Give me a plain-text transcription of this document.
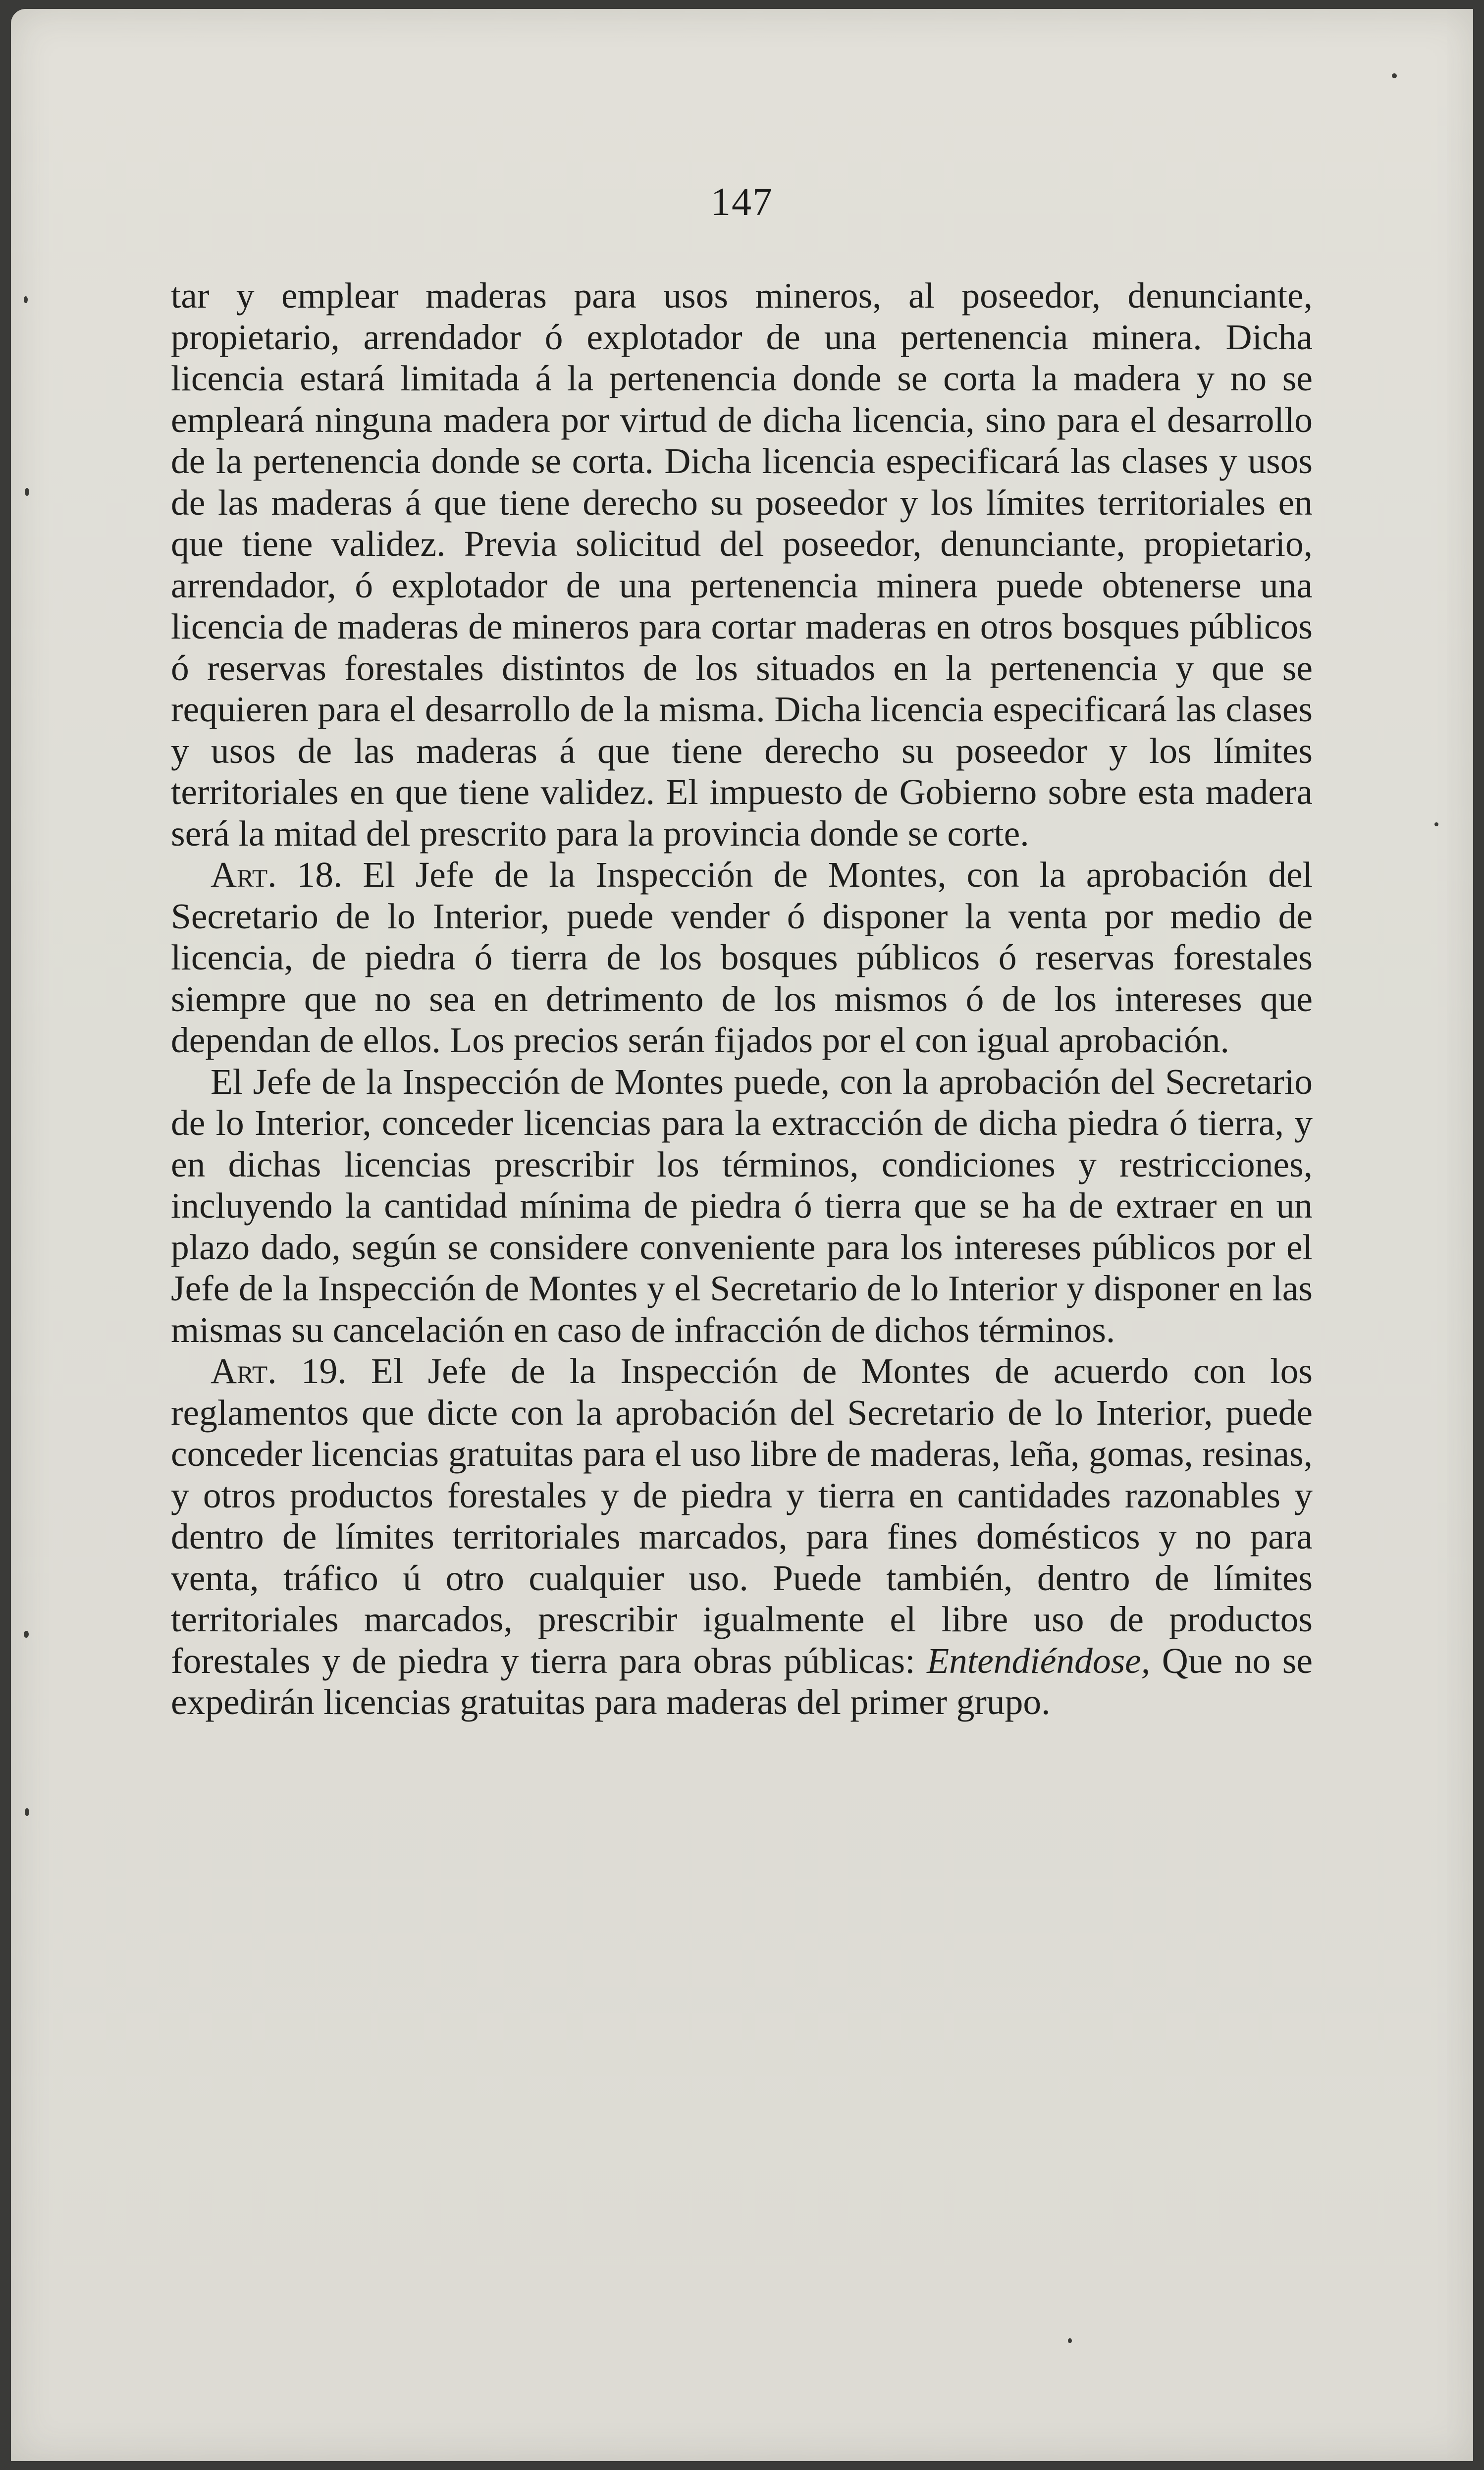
147

tar y emplear maderas para usos mineros, al poseedor, denunciante, propietario, arrendador ó explotador de una pertenencia minera. Dicha licencia estará limitada á la pertenencia donde se corta la madera y no se empleará ninguna madera por virtud de dicha licencia, sino para el desarrollo de la pertenencia donde se corta. Dicha licencia especificará las clases y usos de las maderas á que tiene derecho su poseedor y los límites territoriales en que tiene validez. Previa solicitud del poseedor, denunciante, propietario, arrendador, ó explotador de una pertenencia minera puede obtenerse una licencia de maderas de mineros para cortar maderas en otros bosques públicos ó reservas forestales distintos de los situados en la pertenencia y que se requieren para el desarrollo de la misma. Dicha licencia especificará las clases y usos de las maderas á que tiene derecho su poseedor y los límites territoriales en que tiene validez. El impuesto de Gobierno sobre esta madera será la mitad del prescrito para la provincia donde se corte.

Art. 18. El Jefe de la Inspección de Montes, con la aprobación del Secretario de lo Interior, puede vender ó disponer la venta por medio de licencia, de piedra ó tierra de los bosques públicos ó reservas forestales siempre que no sea en detrimento de los mismos ó de los intereses que dependan de ellos. Los precios serán fijados por el con igual aprobación.

El Jefe de la Inspección de Montes puede, con la aprobación del Secretario de lo Interior, conceder licencias para la extracción de dicha piedra ó tierra, y en dichas licencias prescribir los términos, condiciones y restricciones, incluyendo la cantidad mínima de piedra ó tierra que se ha de extraer en un plazo dado, según se considere conveniente para los intereses públicos por el Jefe de la Inspección de Montes y el Secretario de lo Interior y disponer en las mismas su cancelación en caso de infracción de dichos términos.

Art. 19. El Jefe de la Inspección de Montes de acuerdo con los reglamentos que dicte con la aprobación del Secretario de lo Interior, puede conceder licencias gratuitas para el uso libre de maderas, leña, gomas, resinas, y otros productos forestales y de piedra y tierra en cantidades razonables y dentro de límites territoriales marcados, para fines domésticos y no para venta, tráfico ú otro cualquier uso. Puede también, dentro de límites territoriales marcados, prescribir igualmente el libre uso de productos forestales y de piedra y tierra para obras públicas: Entendiéndose, Que no se expedirán licencias gratuitas para maderas del primer grupo.
